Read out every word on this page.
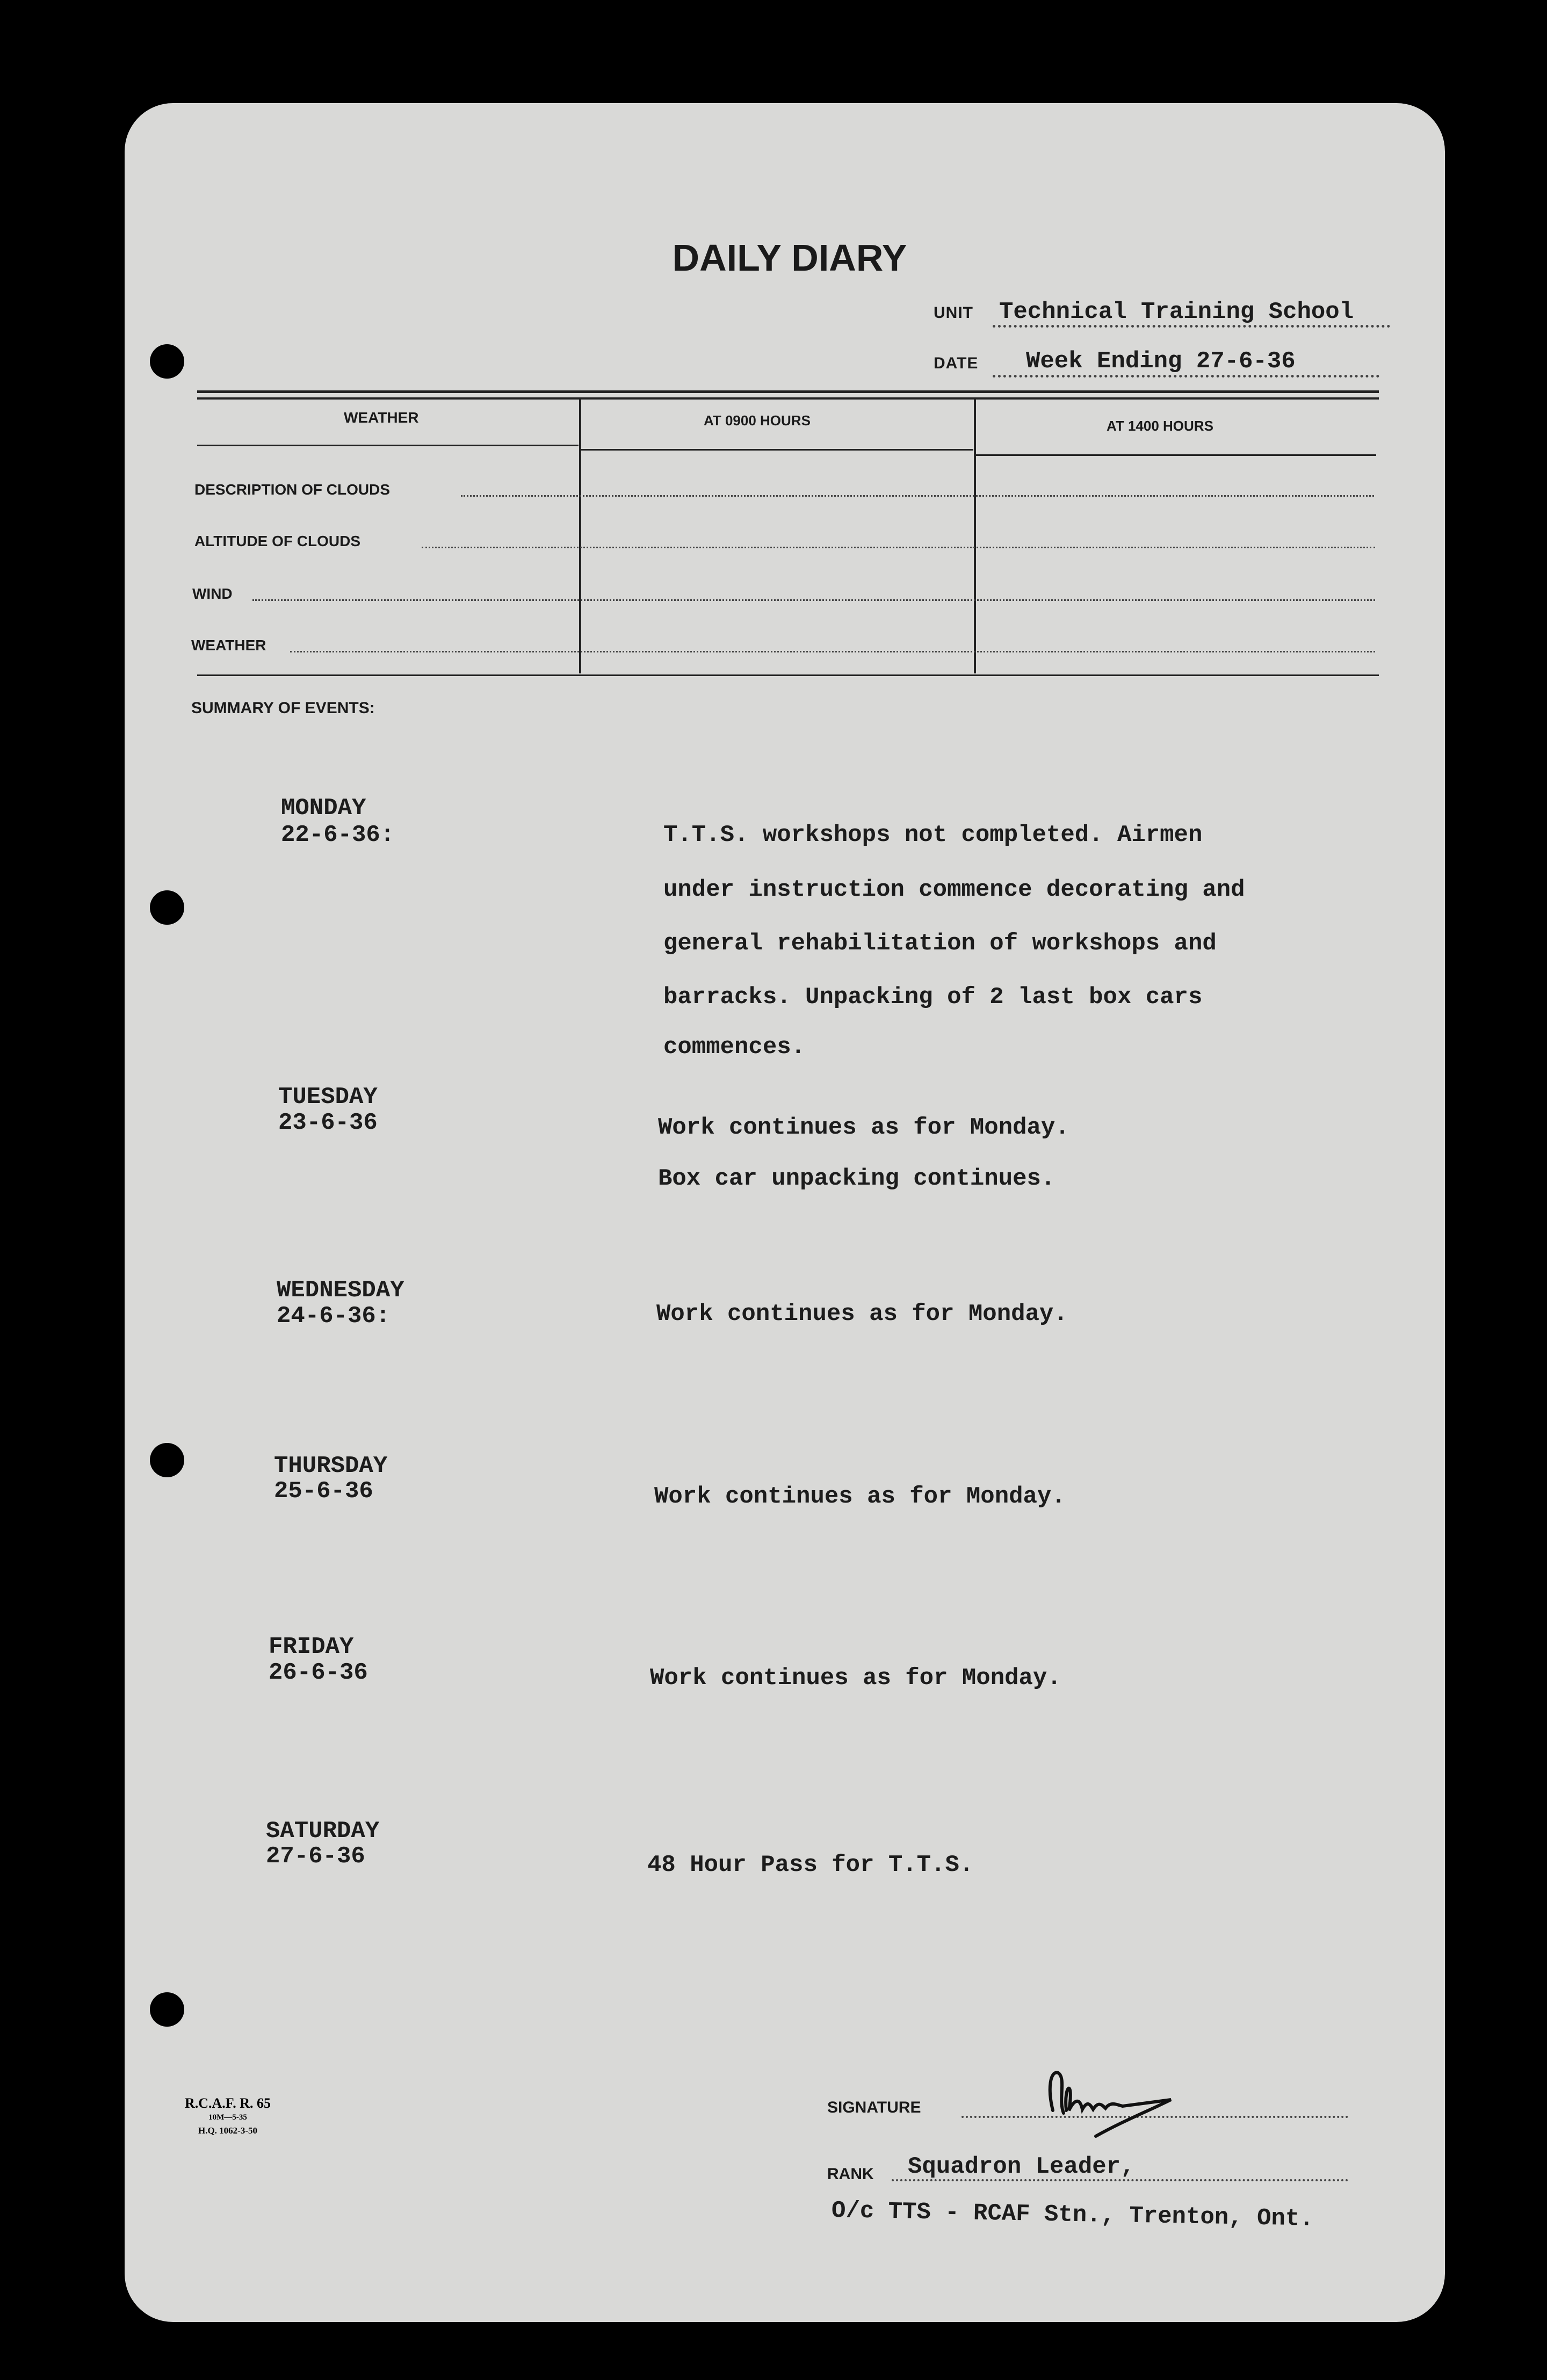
DAILY DIARY
UNIT Technical Training School
DATE Week Ending 27-6-36
WEATHER	AT 0900 HOURS	AT 1400 HOURS
DESCRIPTION OF CLOUDS
ALTITUDE OF CLOUDS
WIND
WEATHER
SUMMARY OF EVENTS:
MONDAY
22-6-36:	T.T.S. workshops not completed. Airmen
under instruction commence decorating and
general rehabilitation of workshops and
barracks. Unpacking of 2 last box cars
commences.
TUESDAY
23-6-36	Work continues as for Monday.
Box car unpacking continues.
WEDNESDAY
24-6-36:	Work continues as for Monday.
THURSDAY
25-6-36	Work continues as for Monday.
FRIDAY
26-6-36	Work continues as for Monday.
SATURDAY
27-6-36	48 Hour Pass for T.T.S.
R.C.A.F. R. 65
10M—5-35
H.Q. 1062-3-50
SIGNATURE
RANK Squadron Leader,
O/c TTS - RCAF Stn., Trenton, Ont.
